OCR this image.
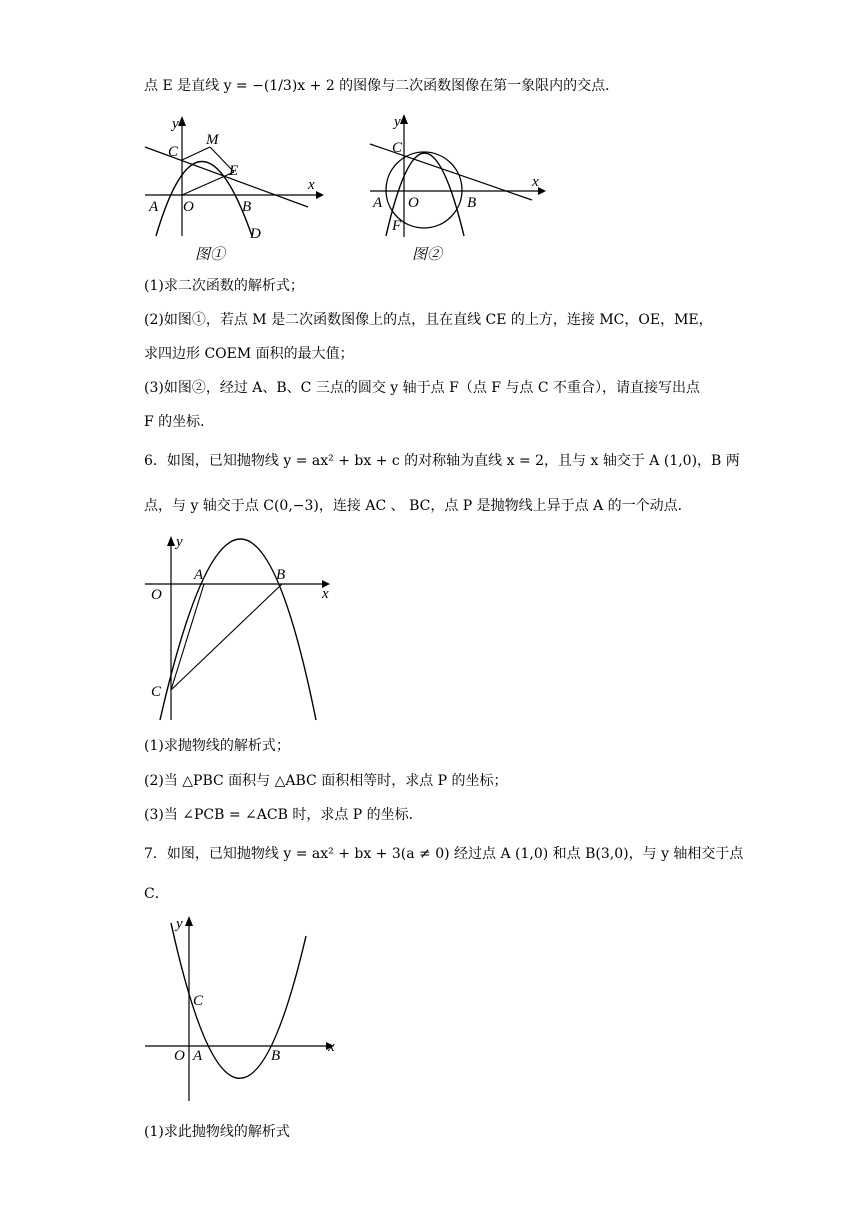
点 E 是直线 y = −(1/3)x + 2 的图像与二次函数图像在第一象限内的交点．
y
M
C
E
x
A O	B
D
图①
y
C
x
A O	B
F
图②
(1)求二次函数的解析式；
(2)如图①，若点 M 是二次函数图像上的点，且在直线 CE 的上方，连接 MC，OE，ME，
求四边形 COEM 面积的最大值；
(3)如图②，经过 A、B、C 三点的圆交 y 轴于点 F（点 F 与点 C 不重合），请直接写出点
F 的坐标．
6．如图，已知抛物线 y = ax² + bx + c 的对称轴为直线 x = 2，且与 x 轴交于 A (1,0)，B 两
点，与 y 轴交于点 C(0,−3)，连接 AC 、 BC，点 P 是抛物线上异于点 A 的一个动点．
y
A	B
O	x
C
(1)求抛物线的解析式；
(2)当 △PBC 面积与 △ABC 面积相等时，求点 P 的坐标；
(3)当 ∠PCB = ∠ACB 时，求点 P 的坐标．
7．如图，已知抛物线 y = ax² + bx + 3(a ≠ 0) 经过点 A (1,0) 和点 B(3,0)，与 y 轴相交于点
C．
y
C
O A	B
x
(1)求此抛物线的解析式
